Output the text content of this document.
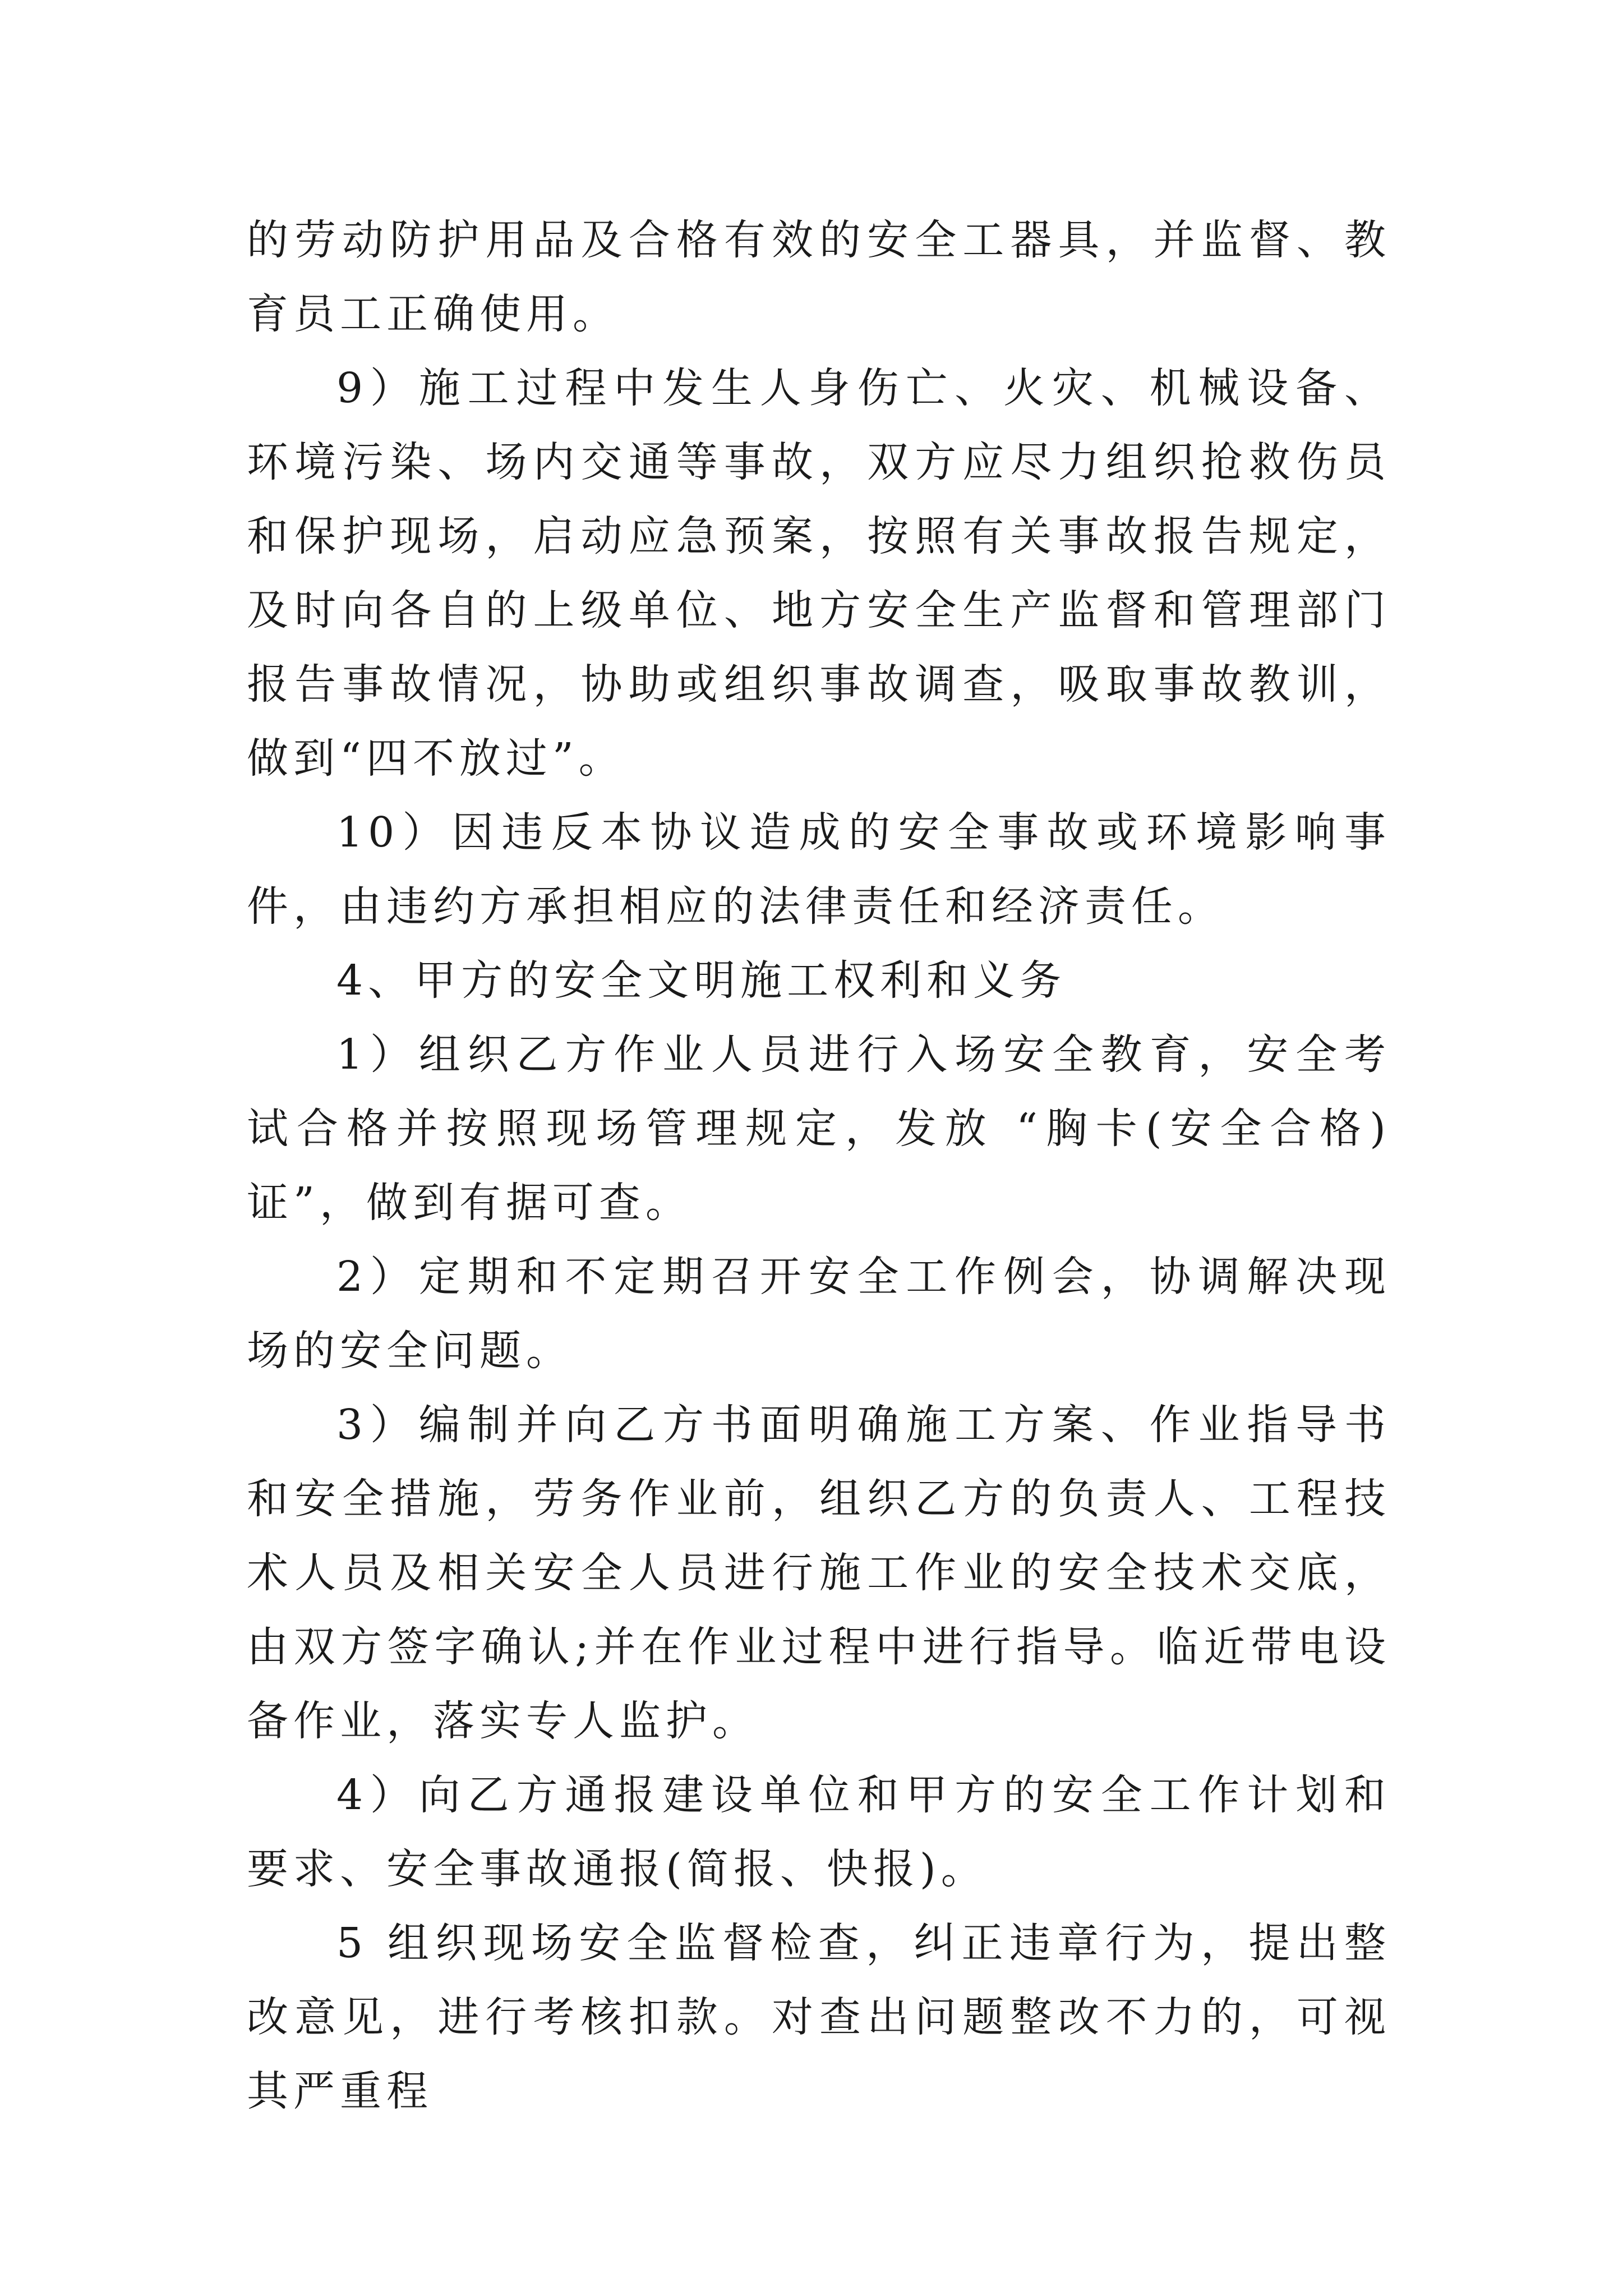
的劳动防护用品及合格有效的安全工器具，并监督、教育员工正确使用。

9）施工过程中发生人身伤亡、火灾、机械设备、环境污染、场内交通等事故，双方应尽力组织抢救伤员和保护现场，启动应急预案，按照有关事故报告规定，及时向各自的上级单位、地方安全生产监督和管理部门报告事故情况，协助或组织事故调查，吸取事故教训，做到“四不放过”。

10）因违反本协议造成的安全事故或环境影响事件，由违约方承担相应的法律责任和经济责任。

4、甲方的安全文明施工权利和义务

1）组织乙方作业人员进行入场安全教育，安全考试合格并按照现场管理规定，发放 “胸卡(安全合格)证”，做到有据可查。

2）定期和不定期召开安全工作例会，协调解决现场的安全问题。

3）编制并向乙方书面明确施工方案、作业指导书和安全措施，劳务作业前，组织乙方的负责人、工程技术人员及相关安全人员进行施工作业的安全技术交底，由双方签字确认;并在作业过程中进行指导。临近带电设备作业，落实专人监护。

4）向乙方通报建设单位和甲方的安全工作计划和要求、安全事故通报(简报、快报)。

5 组织现场安全监督检查，纠正违章行为，提出整改意见，进行考核扣款。对查出问题整改不力的，可视其严重程
